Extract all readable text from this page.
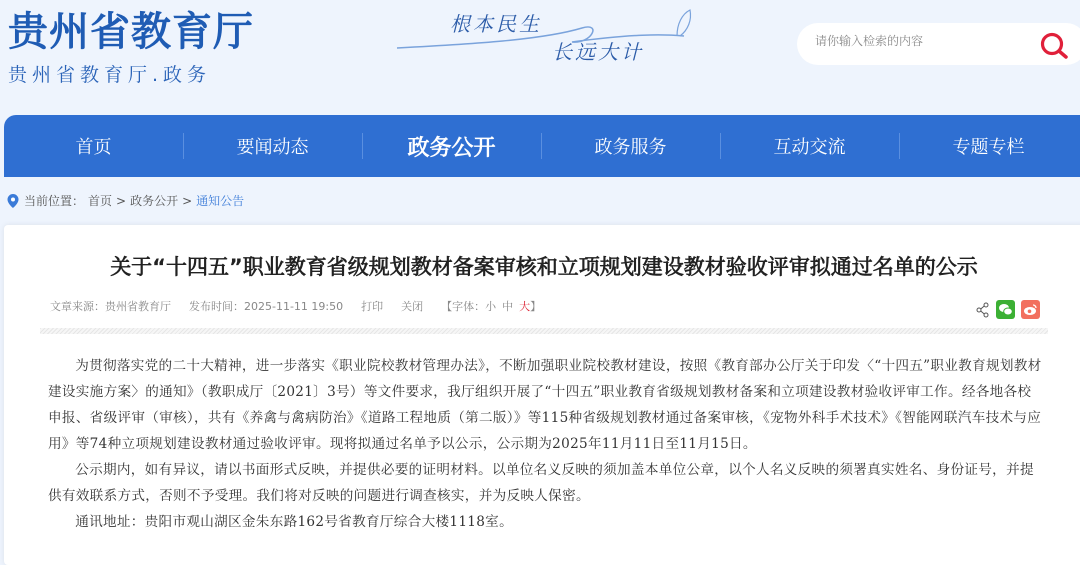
贵州省教育厅
贵州省教育厅.政务
根本民生
长远大计
请你输入检索的内容
首页	要闻动态	政务公开	政务服务	互动交流	专题专栏
当前位置： 首页 > 政务公开 > 通知公告
关于“十四五”职业教育省级规划教材备案审核和立项规划建设教材验收评审拟通过名单的公示
文章来源：贵州省教育厅 发布时间：2025-11-11 19:50 打印 关闭 【字体： 小 中 大 】

为贯彻落实党的二十大精神，进一步落实《职业院校教材管理办法》，不断加强职业院校教材建设，按照《教育部办公厅关于印发〈“十四五”职业教育规划教材建设实施方案〉的通知》（教职成厅〔2021〕3号）等文件要求，我厅组织开展了“十四五”职业教育省级规划教材备案和立项建设教材验收评审工作。经各地各校申报、省级评审（审核），共有《养禽与禽病防治》《道路工程地质（第二版）》等115种省级规划教材通过备案审核，《宠物外科手术技术》《智能网联汽车技术与应用》等74种立项规划建设教材通过验收评审。现将拟通过名单予以公示，公示期为2025年11月11日至11月15日。

公示期内，如有异议，请以书面形式反映，并提供必要的证明材料。以单位名义反映的须加盖本单位公章，以个人名义反映的须署真实姓名、身份证号，并提供有效联系方式，否则不予受理。我们将对反映的问题进行调查核实，并为反映人保密。

通讯地址：贵阳市观山湖区金朱东路162号省教育厅综合大楼1118室。
